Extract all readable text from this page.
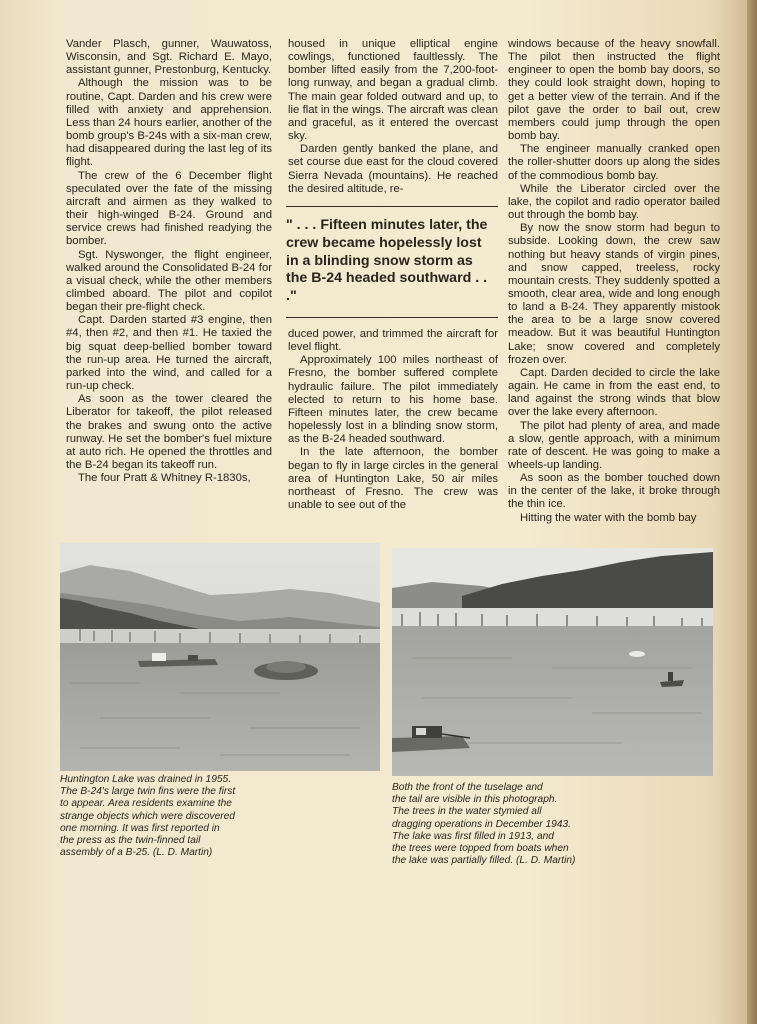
Vander Plasch, gunner, Wauwatoss, Wisconsin, and Sgt. Richard E. Mayo, assistant gunner, Prestonburg, Kentucky.

Although the mission was to be routine, Capt. Darden and his crew were filled with anxiety and apprehension. Less than 24 hours earlier, another of the bomb group's B-24s with a six-man crew, had disappeared during the last leg of its flight.

The crew of the 6 December flight speculated over the fate of the missing aircraft and airmen as they walked to their high-winged B-24. Ground and service crews had finished readying the bomber.

Sgt. Nyswonger, the flight engineer, walked around the Consolidated B-24 for a visual check, while the other members climbed aboard. The pilot and copilot began their pre-flight check.

Capt. Darden started #3 engine, then #4, then #2, and then #1. He taxied the big squat deep-bellied bomber toward the run-up area. He turned the aircraft, parked into the wind, and called for a run-up check.

As soon as the tower cleared the Liberator for takeoff, the pilot released the brakes and swung onto the active runway. He set the bomber's fuel mixture at auto rich. He opened the throttles and the B-24 began its takeoff run.

The four Pratt & Whitney R-1830s,

housed in unique elliptical engine cowlings, functioned faultlessly. The bomber lifted easily from the 7,200-foot-long runway, and began a gradual climb. The main gear folded outward and up, to lie flat in the wings. The aircraft was clean and graceful, as it entered the overcast sky.

Darden gently banked the plane, and set course due east for the cloud covered Sierra Nevada (mountains). He reached the desired altitude, re-

" . . . Fifteen minutes later, the crew became hopelessly lost in a blinding snow storm as the B-24 headed southward . . ."

duced power, and trimmed the aircraft for level flight.

Approximately 100 miles northeast of Fresno, the bomber suffered complete hydraulic failure. The pilot immediately elected to return to his home base. Fifteen minutes later, the crew became hopelessly lost in a blinding snow storm, as the B-24 headed southward.

In the late afternoon, the bomber began to fly in large circles in the general area of Huntington Lake, 50 air miles northeast of Fresno. The crew was unable to see out of the

windows because of the heavy snowfall. The pilot then instructed the flight engineer to open the bomb bay doors, so they could look straight down, hoping to get a better view of the terrain. And if the pilot gave the order to bail out, crew members could jump through the open bomb bay.

The engineer manually cranked open the roller-shutter doors up along the sides of the commodious bomb bay.

While the Liberator circled over the lake, the copilot and radio operator bailed out through the bomb bay.

By now the snow storm had begun to subside. Looking down, the crew saw nothing but heavy stands of virgin pines, and snow capped, treeless, rocky mountain crests. They suddenly spotted a smooth, clear area, wide and long enough to land a B-24. They apparently mistook the area to be a large snow covered meadow. But it was beautiful Huntington Lake; snow covered and completely frozen over.

Capt. Darden decided to circle the lake again. He came in from the east end, to land against the strong winds that blow over the lake every afternoon.

The pilot had plenty of area, and made a slow, gentle approach, with a minimum rate of descent. He was going to make a wheels-up landing.

As soon as the bomber touched down in the center of the lake, it broke through the thin ice.

Hitting the water with the bomb bay

Huntington Lake was drained in 1955.
The B-24's large twin fins were the first
to appear. Area residents examine the
strange objects which were discovered
one morning. It was first reported in
the press as the twin-finned tail
assembly of a B-25. (L. D. Martin)
Both the front of the tuselage and
the tail are visible in this photograph.
The trees in the water stymied all
dragging operations in December 1943.
The lake was first filled in 1913, and
the trees were topped from boats when
the lake was partially filled. (L. D. Martin)
